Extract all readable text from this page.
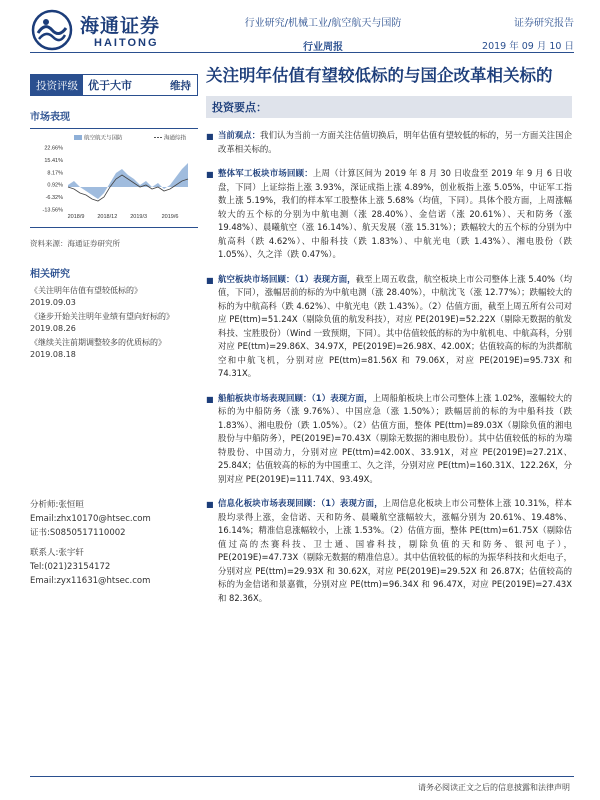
海通证券
HAITONG
行业研究/机械工业/航空航天与国防
行业周报
证券研究报告
2019 年 09 月 10 日
投资评级 优于大市	维持
市场表现
22.66%
15.41%
8.17%
0.92%
-6.32%
-13.56%
2018/9 2018/12 2019/3	2019/6
航空航天与国防	海通综指
资料来源：海通证券研究所
相关研究
《关注明年估值有望较低标的》
2019.09.03
《逢步开始关注明年业绩有望向好标的》
2019.08.26
《继续关注前期调整较多的优质标的》
2019.08.18
分析师:张恒晅
Email:zhx10170@htsec.com
证书:S0850517110002
联系人:张宇轩
Tel:(021)23154172
Email:zyx11631@htsec.com
关注明年估值有望较低标的与国企改革相关标的
投资要点：
■ 当前观点：我们认为当前一方面关注估值切换后，明年估值有望较低的标的，另一方面关注国企改革相关标的。
■ 整体军工板块市场回顾：上周（计算区间为 2019 年 8 月 30 日收盘至 2019 年 9 月 6 日收盘，下同）上证综指上涨 3.93%，深证成指上涨 4.89%，创业板指上涨 5.05%，中证军工指数上涨 5.19%，我们的样本军工股整体上涨 5.68%（均值，下同）。具体个股方面，上周涨幅较大的五个标的分别为中航电测（涨 28.40%）、金信诺（涨 20.61%）、天和防务（涨 19.48%）、晨曦航空（涨 16.14%）、航天发展（涨 15.31%）；跌幅较大的五个标的分别为中航高科（跌 4.62%）、中船科技（跌 1.83%）、中航光电（跌 1.43%）、湘电股份（跌 1.05%）、久之洋（跌 0.47%）。
■ 航空板块市场回顾：（1）表现方面，截至上周五收盘，航空板块上市公司整体上涨 5.40%（均值，下同），涨幅居前的标的为中航电测（涨 28.40%），中航沈飞（涨 12.77%）；跌幅较大的标的为中航高科（跌 4.62%）、中航光电（跌 1.43%）。（2）估值方面，截至上周五所有公司对应 PE(ttm)=51.24X（剔除负值的航发科技），对应 PE(2019E)=52.22X（剔除无数据的航发科技、宝胜股份）（Wind 一致预期，下同）。其中估值较低的标的为中航机电、中航高科，分别对应 PE(ttm)=29.86X、34.97X，PE(2019E)=26.98X、42.00X；估值较高的标的为洪都航空和中航飞机，分别对应 PE(ttm)=81.56X 和 79.06X，对应 PE(2019E)=95.73X 和 74.31X。
■ 船舶板块市场表现回顾：（1）表现方面，上周船舶板块上市公司整体上涨 1.02%，涨幅较大的标的为中船防务（涨 9.76%）、中国应急（涨 1.50%）；跌幅居前的标的为中船科技（跌 1.83%）、湘电股份（跌 1.05%）。（2）估值方面，整体 PE(ttm)=89.03X（剔除负值的湘电股份与中船防务），PE(2019E)=70.43X（剔除无数据的湘电股份）。其中估值较低的标的为瑞特股份、中国动力，分别对应 PE(ttm)=42.00X、33.91X，对应 PE(2019E)=27.21X、25.84X；估值较高的标的为中国重工、久之洋，分别对应 PE(ttm)=160.31X、122.26X，分别对应 PE(2019E)=111.74X、93.49X。
■ 信息化板块市场表现回顾：（1）表现方面，上周信息化板块上市公司整体上涨 10.31%，样本股均录得上涨，金信诺、天和防务、晨曦航空涨幅较大，涨幅分别为 20.61%、19.48%、16.14%；精准信息涨幅较小，上涨 1.53%。（2）估值方面，整体 PE(ttm)=61.75X（剔除估值过高的杰赛科技、卫士通、国睿科技，剔除负值的天和防务、银河电子），PE(2019E)=47.73X（剔除无数据的精准信息）。其中估值较低的标的为振华科技和火炬电子，分别对应 PE(ttm)=29.93X 和 30.62X，对应 PE(2019E)=29.52X 和 26.87X；估值较高的标的为金信诺和景嘉微，分别对应 PE(ttm)=96.34X 和 96.47X，对应 PE(2019E)=27.43X 和 82.36X。
请务必阅读正文之后的信息披露和法律声明
